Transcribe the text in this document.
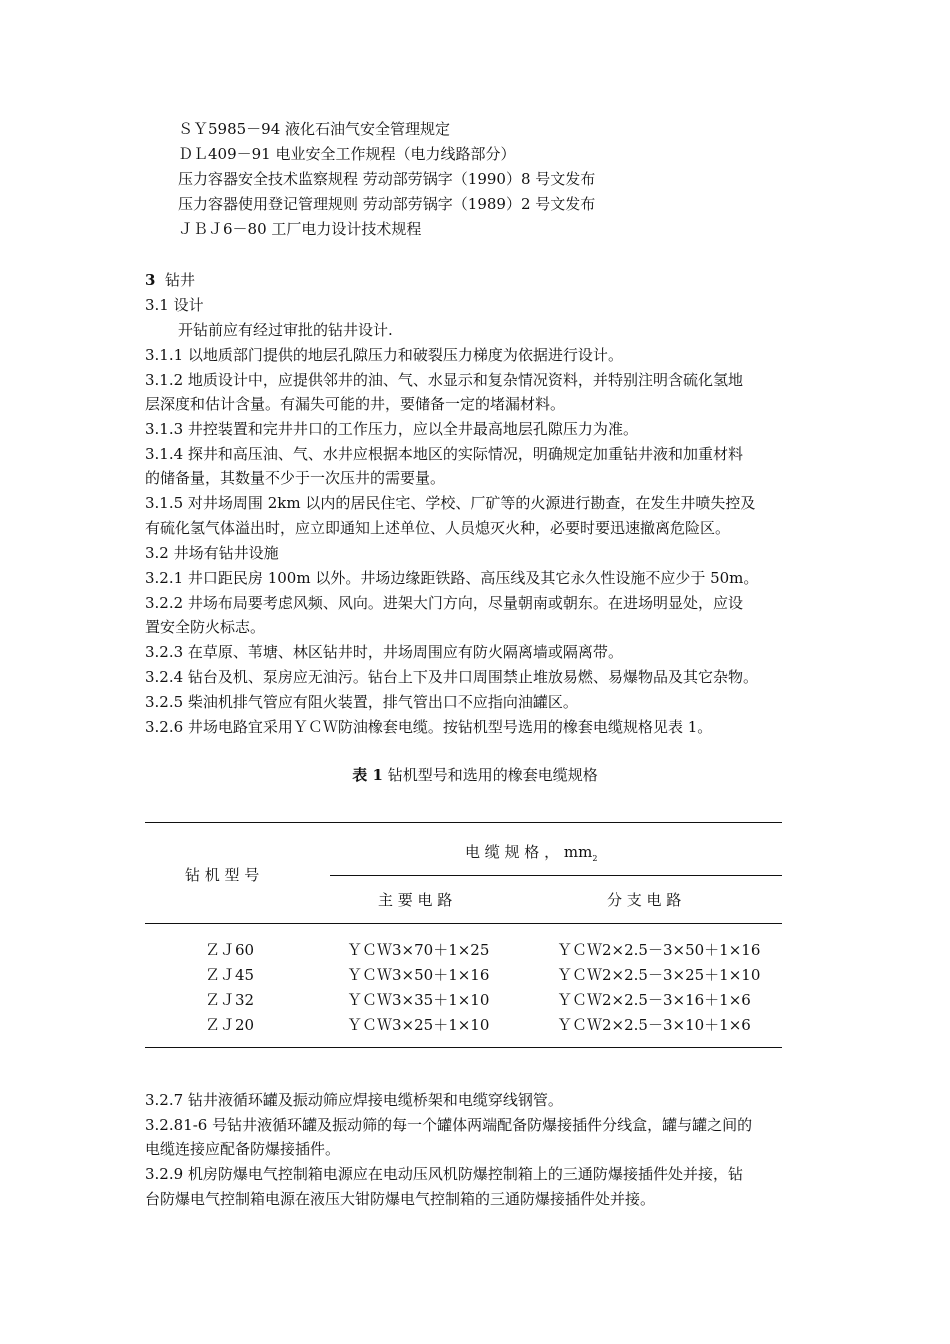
ＳＹ5985－94 液化石油气安全管理规定
ＤＬ409－91 电业安全工作规程（电力线路部分）
压力容器安全技术监察规程 劳动部劳锅字（1990）8 号文发布
压力容器使用登记管理规则 劳动部劳锅字（1989）2 号文发布
ＪＢＪ6－80 工厂电力设计技术规程
3 钻井
3.1 设计
开钻前应有经过审批的钻井设计.
3.1.1 以地质部门提供的地层孔隙压力和破裂压力梯度为依据进行设计。
3.1.2 地质设计中，应提供邻井的油、气、水显示和复杂情况资料，并特别注明含硫化氢地
层深度和估计含量。有漏失可能的井，要储备一定的堵漏材料。
3.1.3 井控装置和完井井口的工作压力，应以全井最高地层孔隙压力为准。
3.1.4 探井和高压油、气、水井应根据本地区的实际情况，明确规定加重钻井液和加重材料
的储备量，其数量不少于一次压井的需要量。
3.1.5 对井场周围 2km 以内的居民住宅、学校、厂矿等的火源进行勘查，在发生井喷失控及
有硫化氢气体溢出时，应立即通知上述单位、人员熄灭火种，必要时要迅速撤离危险区。
3.2 井场有钻井设施
3.2.1 井口距民房 100m 以外。井场边缘距铁路、高压线及其它永久性设施不应少于 50m。
3.2.2 井场布局要考虑风频、风向。进架大门方向，尽量朝南或朝东。在进场明显处，应设
置安全防火标志。
3.2.3 在草原、苇塘、林区钻井时，井场周围应有防火隔离墙或隔离带。
3.2.4 钻台及机、泵房应无油污。钻台上下及井口周围禁止堆放易燃、易爆物品及其它杂物。
3.2.5 柴油机排气管应有阻火装置，排气管出口不应指向油罐区。
3.2.6 井场电路宜采用ＹＣＷ防油橡套电缆。按钻机型号选用的橡套电缆规格见表 1。
表 1 钻机型号和选用的橡套电缆规格
钻 机 型 号
电 缆 规 格 ， $mm_2$
主 要 电 路	分 支 电 路
ＺＪ60	ＹＣＷ3×70＋1×25	ＹＣＷ2×2.5－3×50＋1×16
ＺＪ45	ＹＣＷ3×50＋1×16	ＹＣＷ2×2.5－3×25＋1×10
ＺＪ32	ＹＣＷ3×35＋1×10	ＹＣＷ2×2.5－3×16＋1×6
ＺＪ20	ＹＣＷ3×25＋1×10	ＹＣＷ2×2.5－3×10＋1×6
3.2.7 钻井液循环罐及振动筛应焊接电缆桥架和电缆穿线钢管。
3.2.81-6 号钻井液循环罐及振动筛的每一个罐体两端配备防爆接插件分线盒，罐与罐之间的
电缆连接应配备防爆接插件。
3.2.9 机房防爆电气控制箱电源应在电动压风机防爆控制箱上的三通防爆接插件处并接，钻
台防爆电气控制箱电源在液压大钳防爆电气控制箱的三通防爆接插件处并接。
